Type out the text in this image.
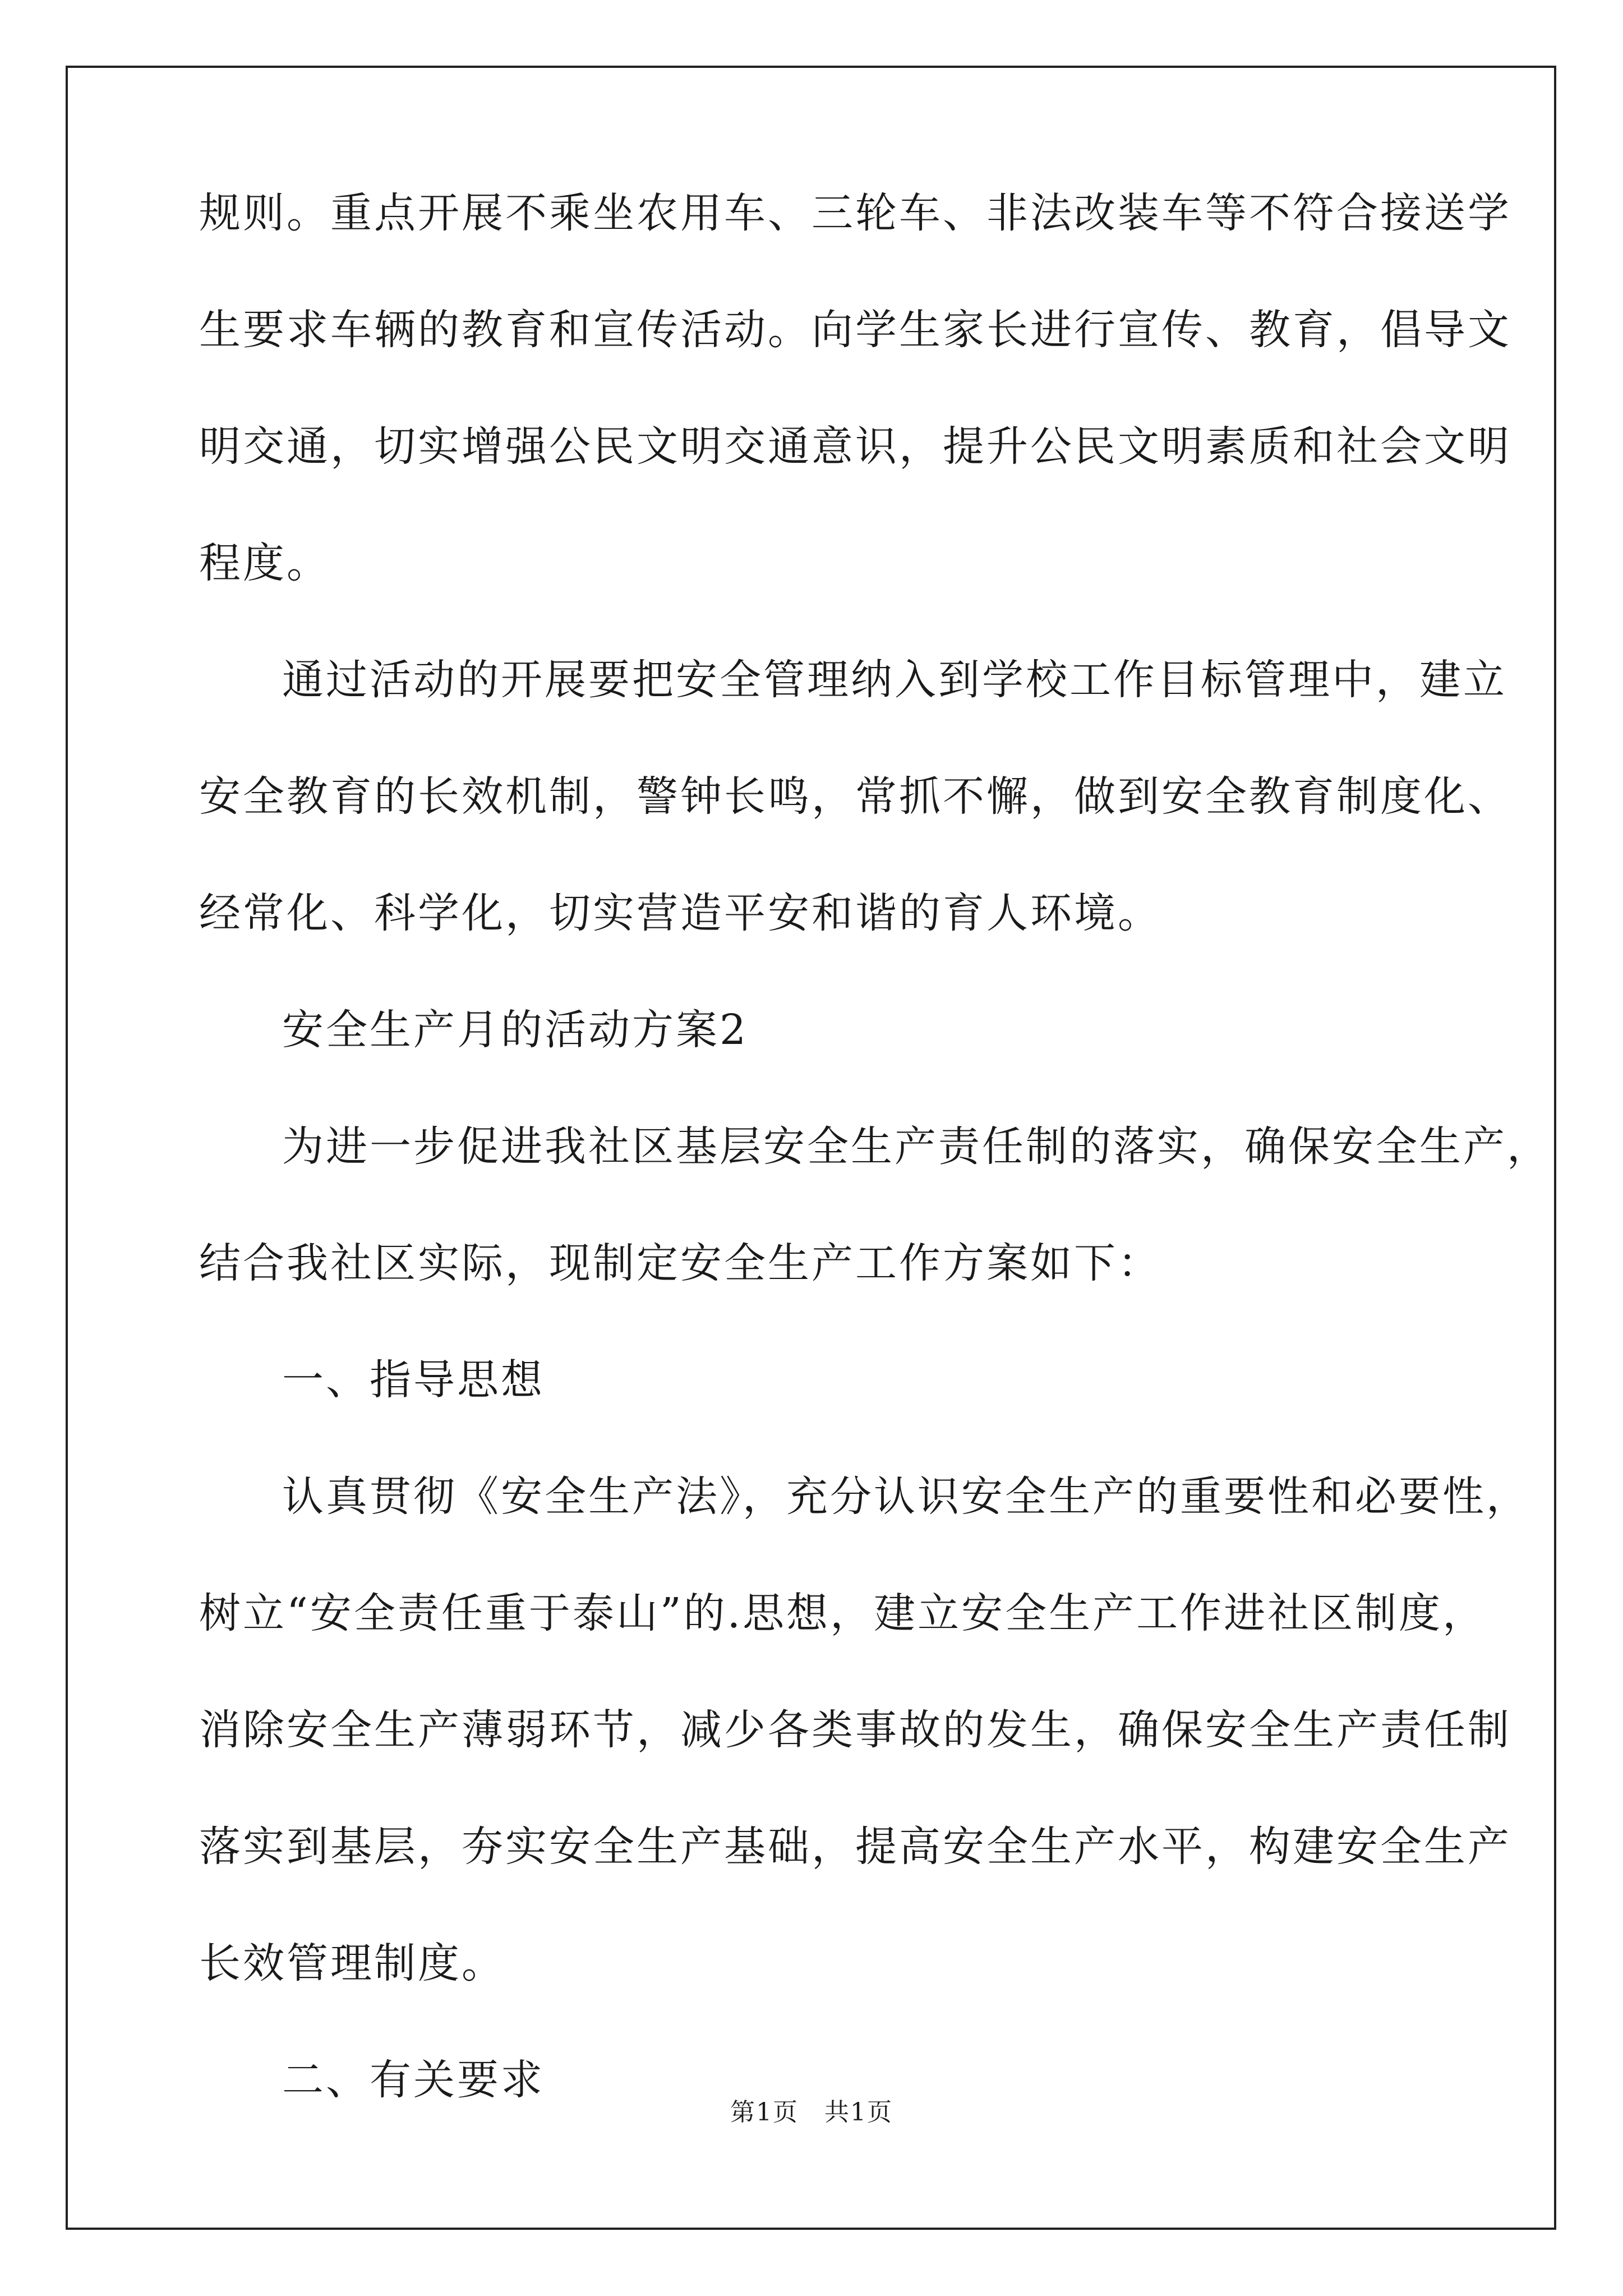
规则。重点开展不乘坐农用车、三轮车、非法改装车等不符合接送学
生要求车辆的教育和宣传活动。向学生家长进行宣传、教育，倡导文
明交通，切实增强公民文明交通意识，提升公民文明素质和社会文明
程度。
通过活动的开展要把安全管理纳入到学校工作目标管理中，建立
安全教育的长效机制，警钟长鸣，常抓不懈，做到安全教育制度化、
经常化、科学化，切实营造平安和谐的育人环境。
安全生产月的活动方案2
为进一步促进我社区基层安全生产责任制的落实，确保安全生产，
结合我社区实际，现制定安全生产工作方案如下：
一、指导思想
认真贯彻《安全生产法》，充分认识安全生产的重要性和必要性，
树立“安全责任重于泰山”的.思想，建立安全生产工作进社区制度，
消除安全生产薄弱环节，减少各类事故的发生，确保安全生产责任制
落实到基层，夯实安全生产基础，提高安全生产水平，构建安全生产
长效管理制度。
二、有关要求
第1页　共1页
